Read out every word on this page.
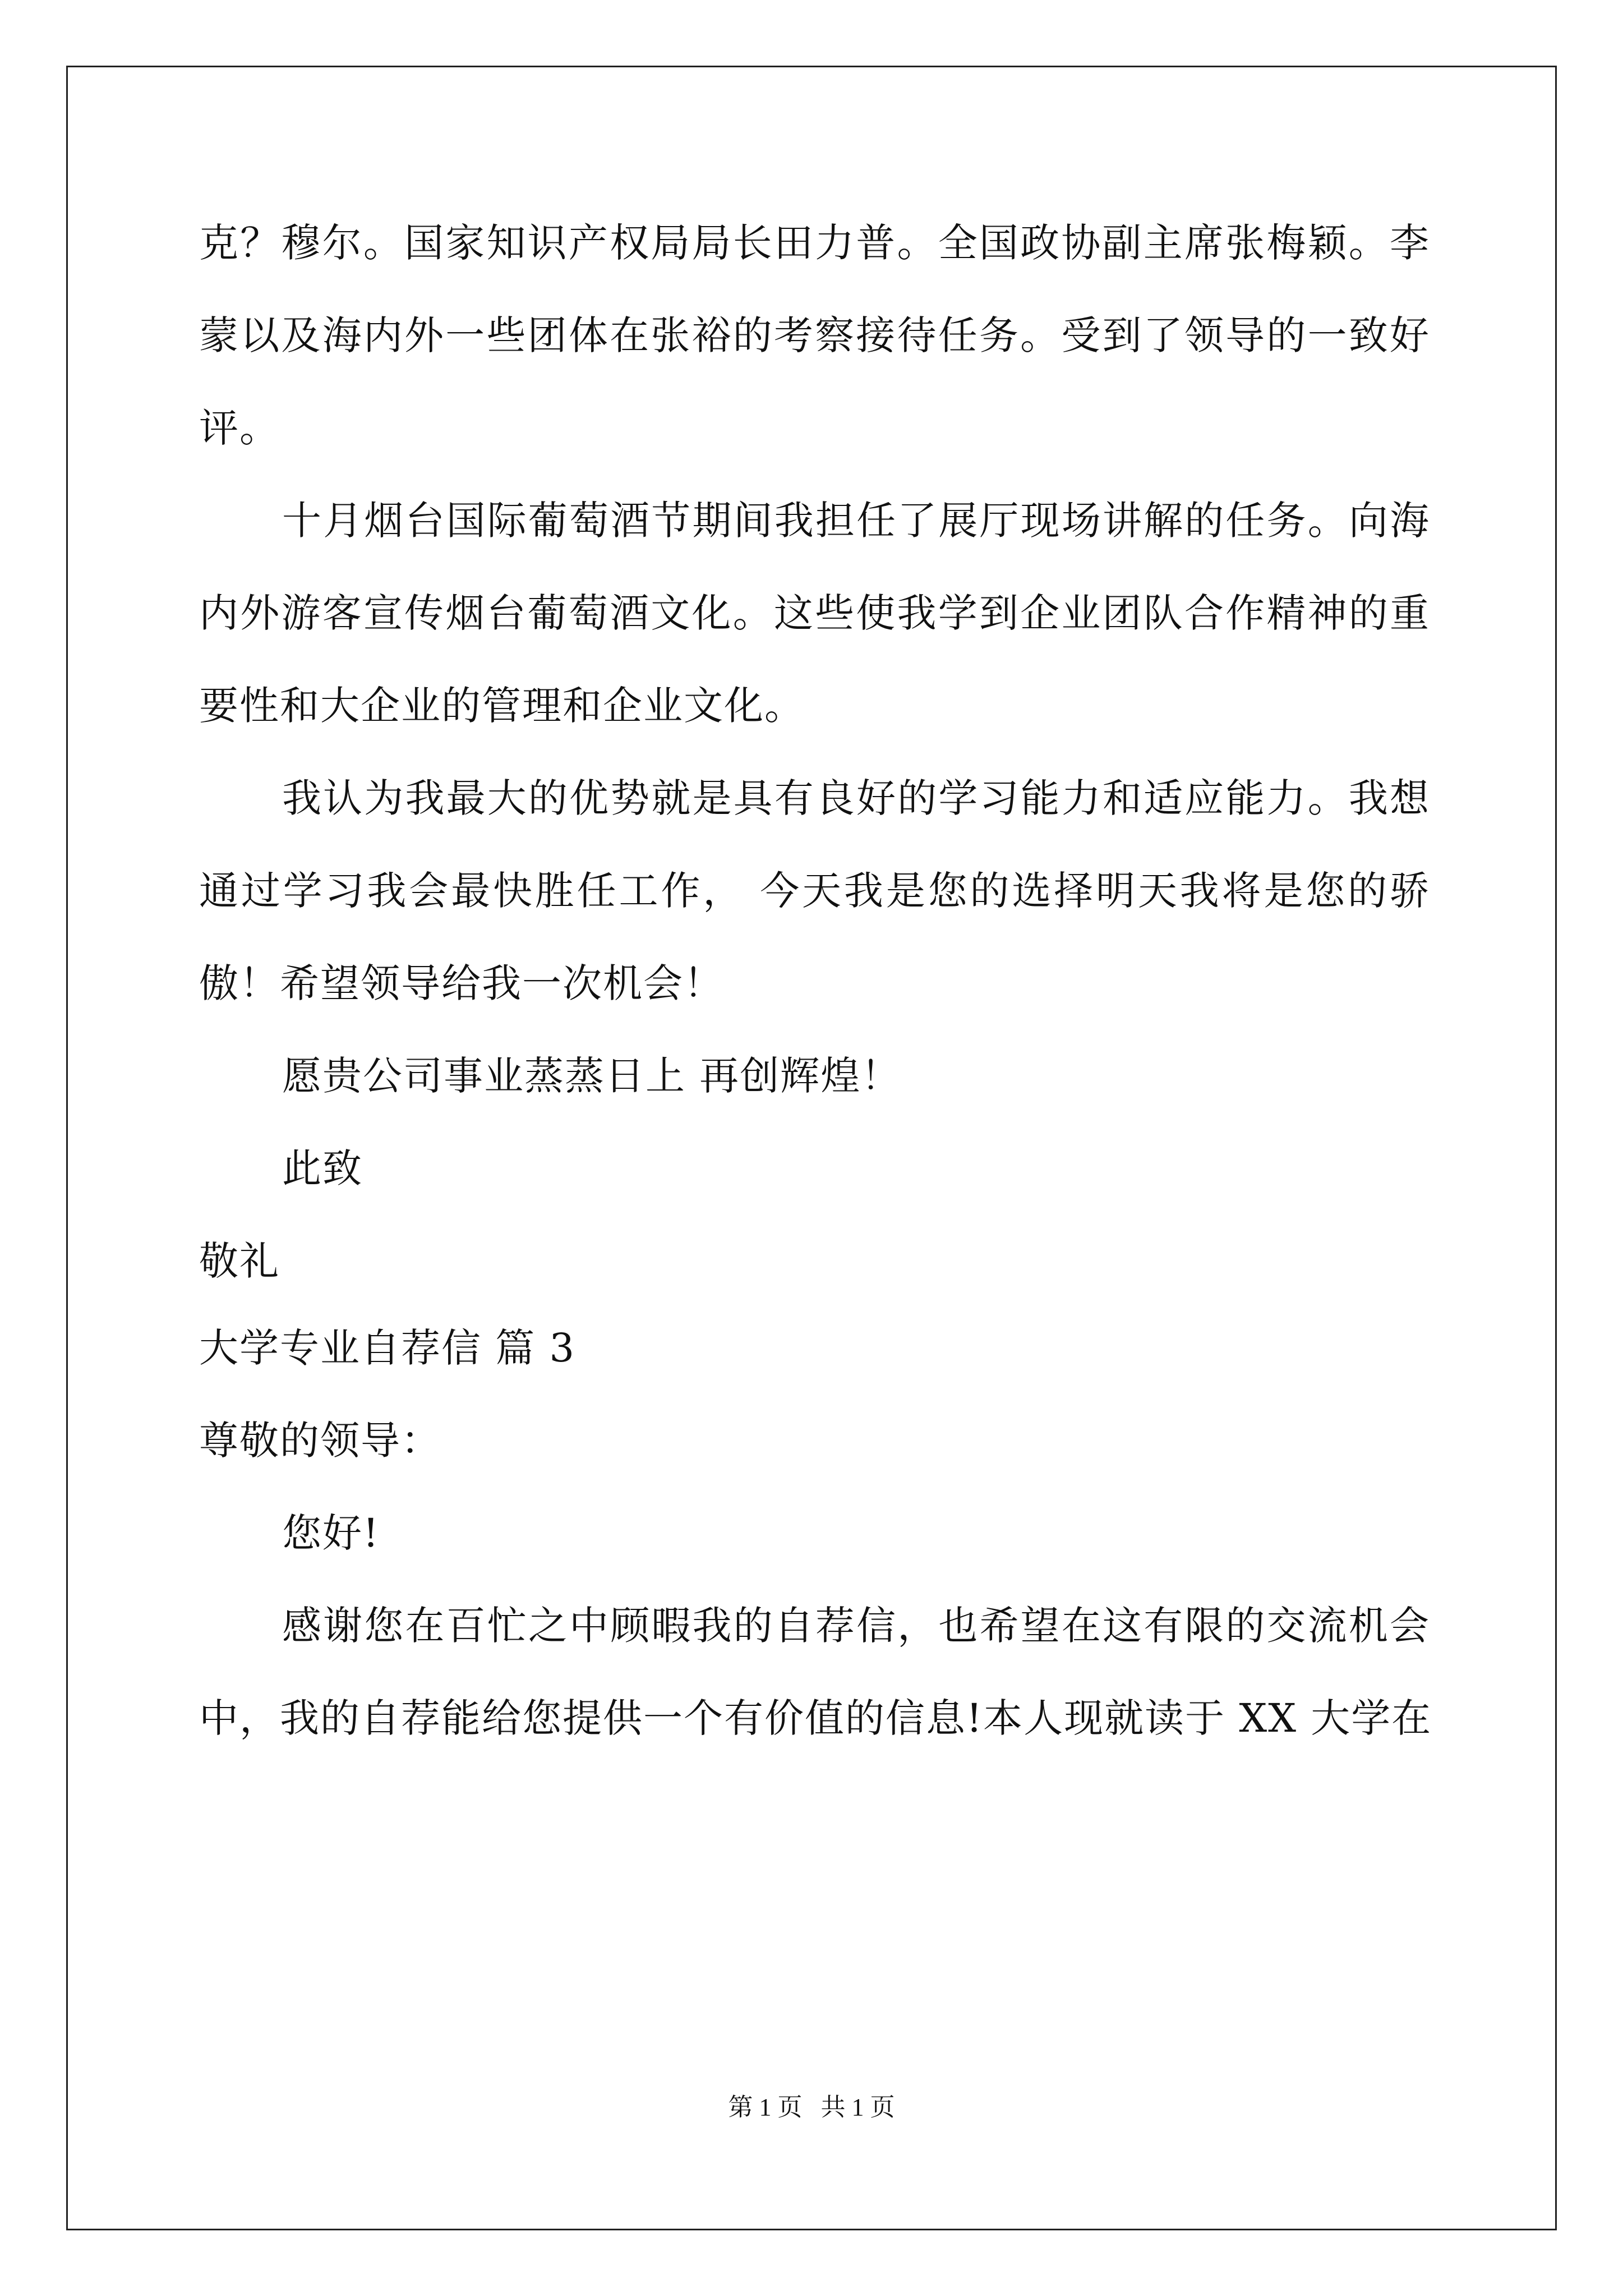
克？穆尔。国家知识产权局局长田力普。全国政协副主席张梅颖。李
蒙以及海内外一些团体在张裕的考察接待任务。受到了领导的一致好
评。
十月烟台国际葡萄酒节期间我担任了展厅现场讲解的任务。向海
内外游客宣传烟台葡萄酒文化。这些使我学到企业团队合作精神的重
要性和大企业的管理和企业文化。
我认为我最大的优势就是具有良好的学习能力和适应能力。我想
通过学习我会最快胜任工作， 今天我是您的选择明天我将是您的骄
傲！希望领导给我一次机会！
愿贵公司事业蒸蒸日上 再创辉煌！
此致
敬礼
大学专业自荐信 篇 3
尊敬的领导：
您好!
感谢您在百忙之中顾暇我的自荐信，也希望在这有限的交流机会
中，我的自荐能给您提供一个有价值的信息!本人现就读于 XX 大学在
第 1 页   共 1 页
